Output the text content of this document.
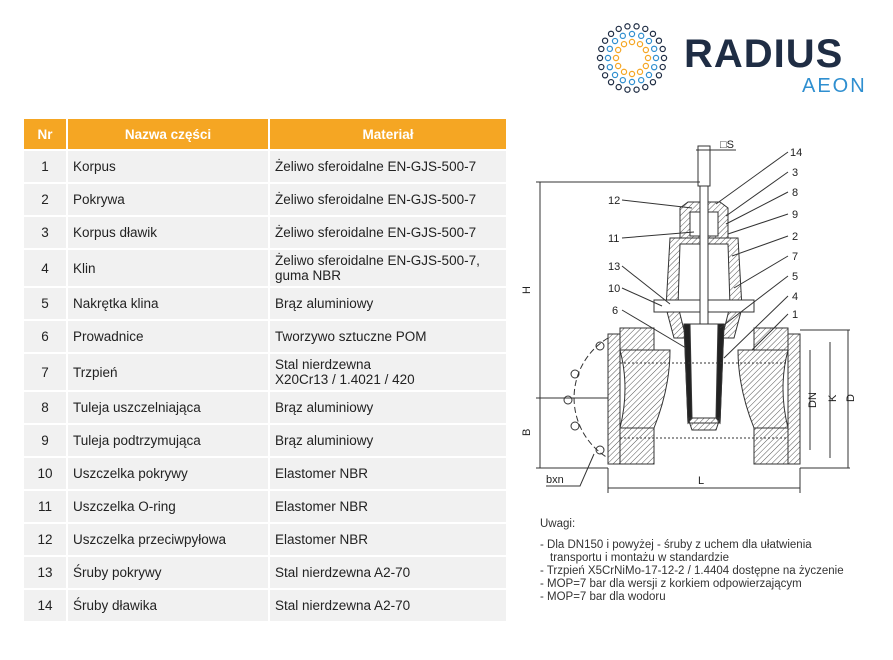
RADIUS
AEON
Nr	Nazwa części	Materiał
1	Korpus	Żeliwo sferoidalne EN-GJS-500-7

2	Pokrywa	Żeliwo sferoidalne EN-GJS-500-7

3	Korpus dławik	Żeliwo sferoidalne EN-GJS-500-7

4	Klin	Żeliwo sferoidalne EN-GJS-500-7,
guma NBR

5	Nakrętka klina	Brąz aluminiowy

6	Prowadnice	Tworzywo sztuczne POM

7	Trzpień	Stal nierdzewna
X20Cr13 / 1.4021 / 420

8	Tuleja uszczelniająca	Brąz aluminiowy

9	Tuleja podtrzymująca	Brąz aluminiowy

10	Uszczelka pokrywy	Elastomer NBR

11	Uszczelka O-ring	Elastomer NBR

12	Uszczelka przeciwpyłowa	Elastomer NBR

13	Śruby pokrywy	Stal nierdzewna A2-70

14	Śruby dławika	Stal nierdzewna A2-70
□S
H
B
DN K D
L
bxn
14
3
8
9
2
7
5
4
1
12
11
13
10
6
Uwagi:
- Dla DN150 i powyżej - śruby z uchem dla ułatwienia transportu i montażu w standardzie
- Trzpień X5CrNiMo-17-12-2 / 1.4404 dostępne na życzenie
- MOP=7 bar dla wersji z korkiem odpowierzającym
- MOP=7 bar dla wodoru
